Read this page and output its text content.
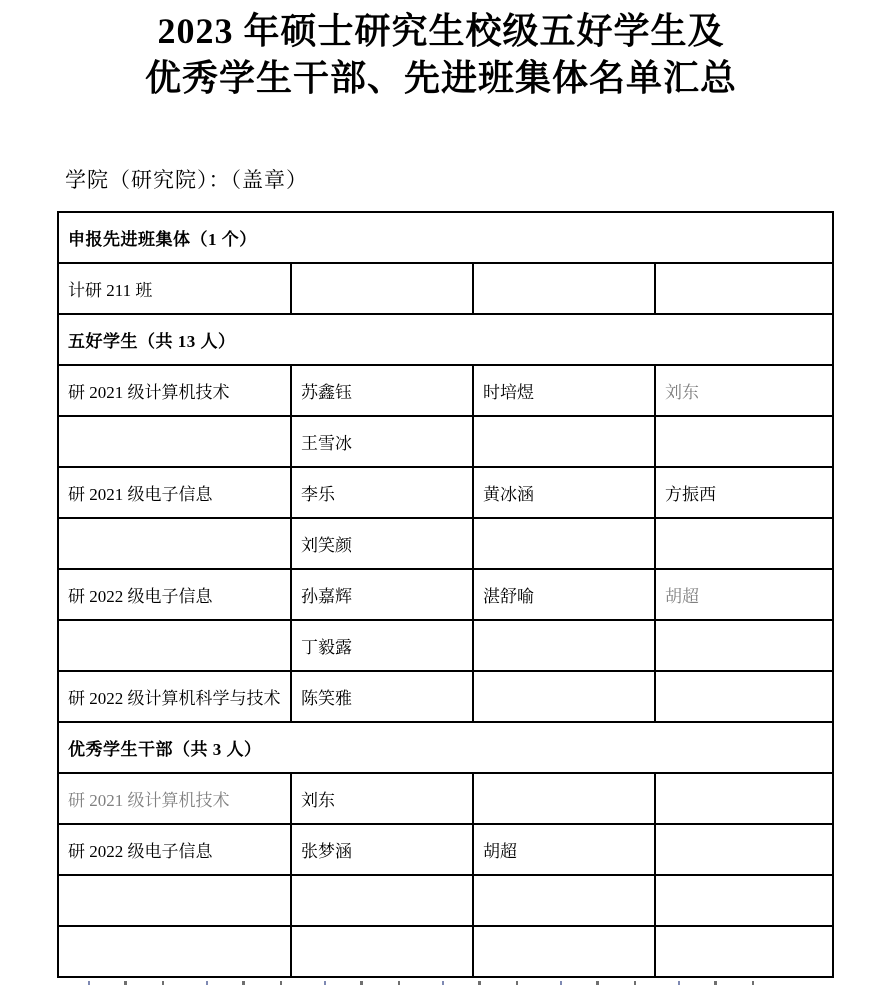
2023 年硕士研究生校级五好学生及
优秀学生干部、先进班集体名单汇总
学院（研究院）：（盖章）
申报先进班集体（1 个）			
计研 211 班			
五好学生（共 13 人）			
研 2021 级计算机技术	苏鑫钰	时培煜	刘东
	王雪冰		
研 2021 级电子信息	李乐	黄冰涵	方振西
	刘笑颜		
研 2022 级电子信息	孙嘉辉	湛舒喻	胡超
	丁毅露		
研 2022 级计算机科学与技术	陈笑雅		
优秀学生干部（共 3 人）			
研 2021 级计算机技术	刘东		
研 2022 级电子信息	张梦涵	胡超	
